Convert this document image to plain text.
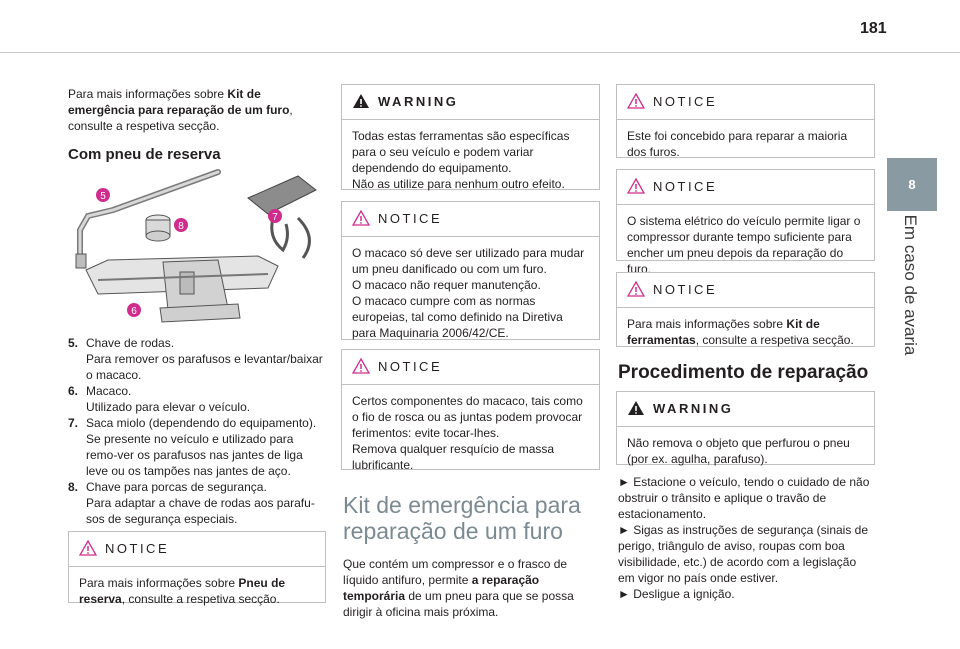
181
8
Em caso de avaria

Para mais informações sobre Kit de emergência para reparação de um furo, consulte a respetiva secção.

Com pneu de reserva

5
8
7
6
5. Chave de rodas.
Para remover os parafusos e levantar/baixar o macaco.
6. Macaco.
Utilizado para elevar o veículo.
7. Saca miolo (dependendo do equipamento).
Se presente no veículo e utilizado para remo-ver os parafusos nas jantes de liga leve ou os tampões nas jantes de aço.
8. Chave para porcas de segurança.
Para adaptar a chave de rodas aos parafu-sos de segurança especiais.
NOTICE
Para mais informações sobre Pneu de reserva, consulte a respetiva secção.
WARNING

Todas estas ferramentas são específicas para o seu veículo e podem variar dependendo do equipamento.

Não as utilize para nenhum outro efeito.

NOTICE

O macaco só deve ser utilizado para mudar um pneu danificado ou com um furo.

O macaco não requer manutenção.

O macaco cumpre com as normas europeias, tal como definido na Diretiva para Maquinaria 2006/42/CE.

NOTICE

Certos componentes do macaco, tais como o fio de rosca ou as juntas podem provocar ferimentos: evite tocar-lhes.

Remova qualquer resquício de massa lubrificante.

Kit de emergência para reparação de um furo

Que contém um compressor e o frasco de líquido antifuro, permite a reparação temporária de um pneu para que se possa dirigir à oficina mais próxima.

NOTICE
Este foi concebido para reparar a maioria dos furos.
NOTICE
O sistema elétrico do veículo permite ligar o compressor durante tempo suficiente para encher um pneu depois da reparação do furo.
NOTICE
Para mais informações sobre Kit de ferramentas, consulte a respetiva secção.
Procedimento de reparação
WARNING
Não remova o objeto que perfurou o pneu (por ex. agulha, parafuso).

► Estacione o veículo, tendo o cuidado de não obstruir o trânsito e aplique o travão de estacionamento.

► Sigas as instruções de segurança (sinais de perigo, triângulo de aviso, roupas com boa visibilidade, etc.) de acordo com a legislação em vigor no país onde estiver.

► Desligue a ignição.
